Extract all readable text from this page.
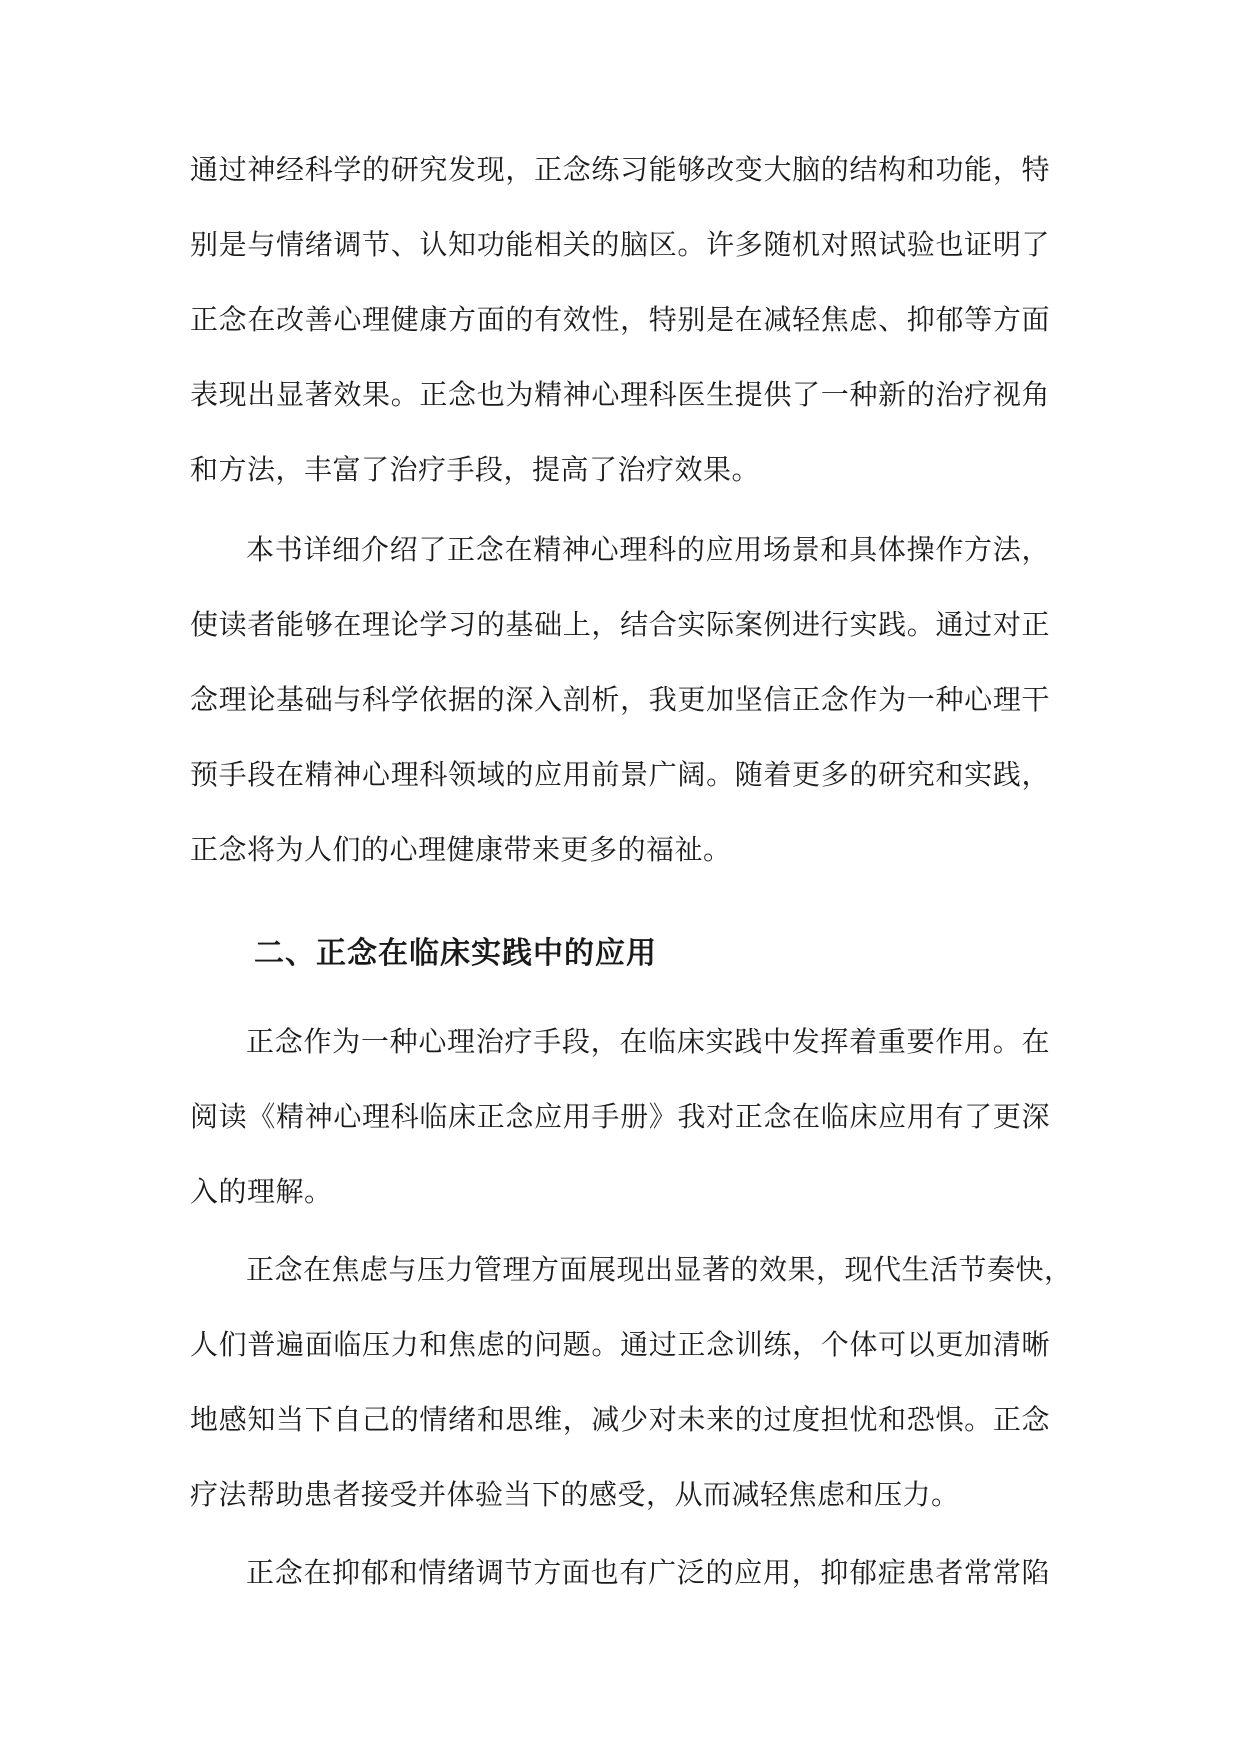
通过神经科学的研究发现，正念练习能够改变大脑的结构和功能，特
别是与情绪调节、认知功能相关的脑区。许多随机对照试验也证明了
正念在改善心理健康方面的有效性，特别是在减轻焦虑、抑郁等方面
表现出显著效果。正念也为精神心理科医生提供了一种新的治疗视角
和方法，丰富了治疗手段，提高了治疗效果。
本书详细介绍了正念在精神心理科的应用场景和具体操作方法，
使读者能够在理论学习的基础上，结合实际案例进行实践。通过对正
念理论基础与科学依据的深入剖析，我更加坚信正念作为一种心理干
预手段在精神心理科领域的应用前景广阔。随着更多的研究和实践，
正念将为人们的心理健康带来更多的福祉。
二、正念在临床实践中的应用
正念作为一种心理治疗手段，在临床实践中发挥着重要作用。在
阅读《精神心理科临床正念应用手册》我对正念在临床应用有了更深
入的理解。
正念在焦虑与压力管理方面展现出显著的效果，现代生活节奏快，
人们普遍面临压力和焦虑的问题。通过正念训练，个体可以更加清晰
地感知当下自己的情绪和思维，减少对未来的过度担忧和恐惧。正念
疗法帮助患者接受并体验当下的感受，从而减轻焦虑和压力。
正念在抑郁和情绪调节方面也有广泛的应用，抑郁症患者常常陷
